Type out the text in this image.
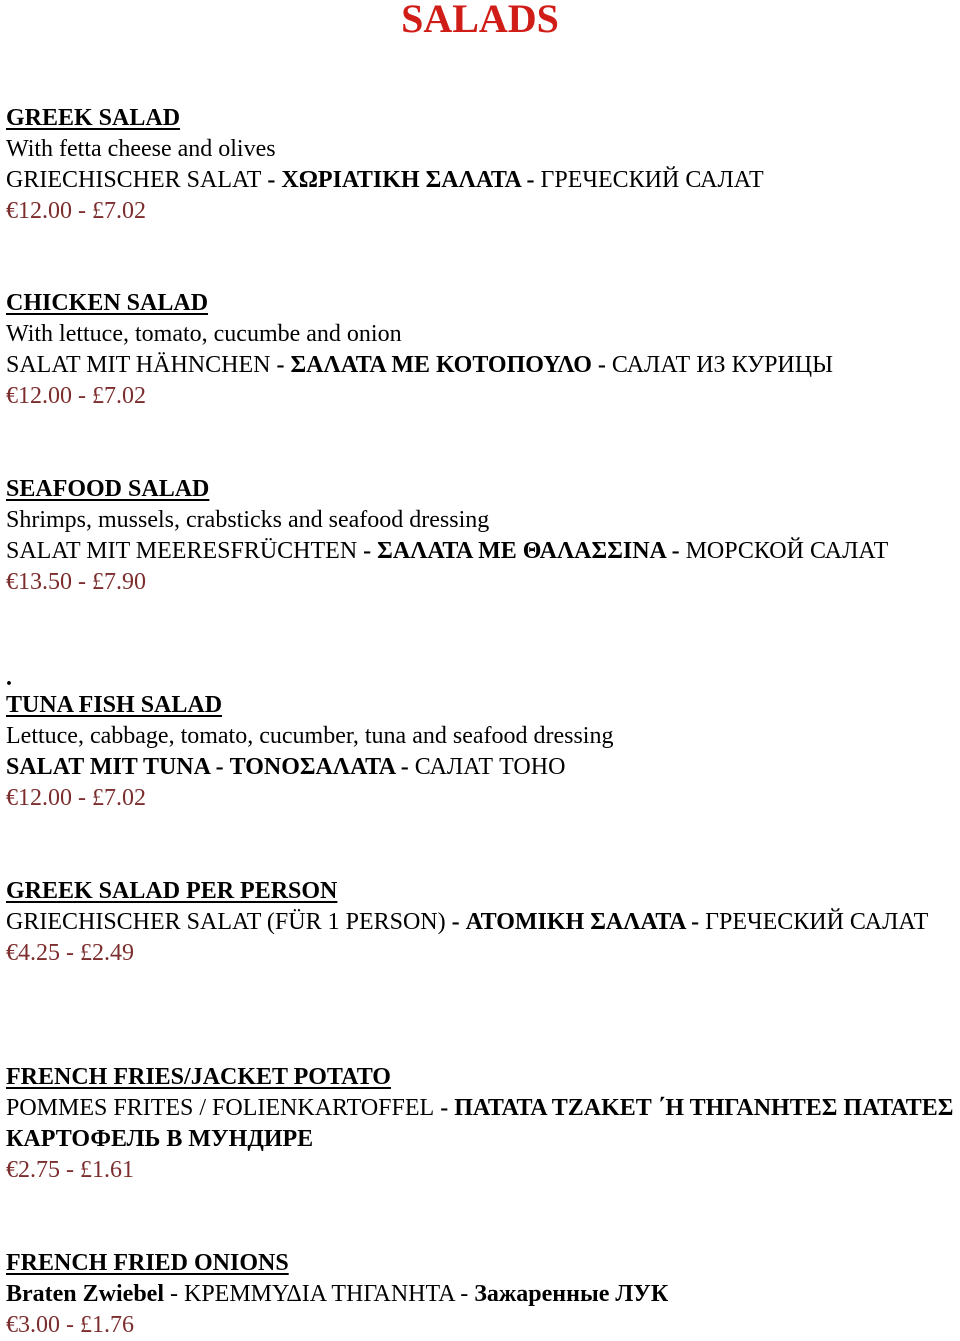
SALADS
GREEK SALAD
With fetta cheese and olives
GRIECHISCHER SALAT - ΧΩΡΙΑΤΙΚΗ ΣΑΛΑΤΑ - ГРЕЧЕСКИЙ САЛАТ
€12.00 - £7.02
CHICKEN SALAD
With lettuce, tomato, cucumbe and onion
SALAT MIT HÄHNCHEN - ΣΑΛΑΤΑ ΜΕ ΚΟΤΟΠΟΥΛΟ - САЛАТ ИЗ КУРИЦЫ
€12.00 - £7.02
SEAFOOD SALAD
Shrimps, mussels, crabsticks and seafood dressing
SALAT MIT MEERESFRÜCHTEN - ΣΑΛΑΤΑ ΜΕ ΘΑΛΑΣΣΙΝΑ - МОРСКОЙ САЛАТ
€13.50 - £7.90
.
TUNA FISH SALAD
Lettuce, cabbage, tomato, cucumber, tuna and seafood dressing
SALAT MIT TUNA - ΤΟΝΟΣΑΛΑΤΑ - САЛАТ ТОНО
€12.00 - £7.02
GREEK SALAD PER PERSON
GRIECHISCHER SALAT (FÜR 1 PERSON) - ΑΤΟΜΙΚΗ ΣΑΛΑΤΑ - ГРЕЧЕСКИЙ САЛАТ
€4.25 - £2.49
FRENCH FRIES/JACKET POTATO
POMMES FRITES / FOLIENKARTOFFEL - ΠΑΤΑΤΑ ΤΖΑΚΕΤ ΄Η ΤΗΓΑΝΗΤΕΣ ΠΑΤΑΤΕΣ КАРТОФЕЛЬ В МУНДИРЕ
€2.75 - £1.61
FRENCH FRIED ONIONS
Braten Zwiebel - ΚΡΕΜΜΥΔΙΑ ΤΗΓΑΝΗΤΑ - Зажаренные ЛУК
€3.00 - £1.76
